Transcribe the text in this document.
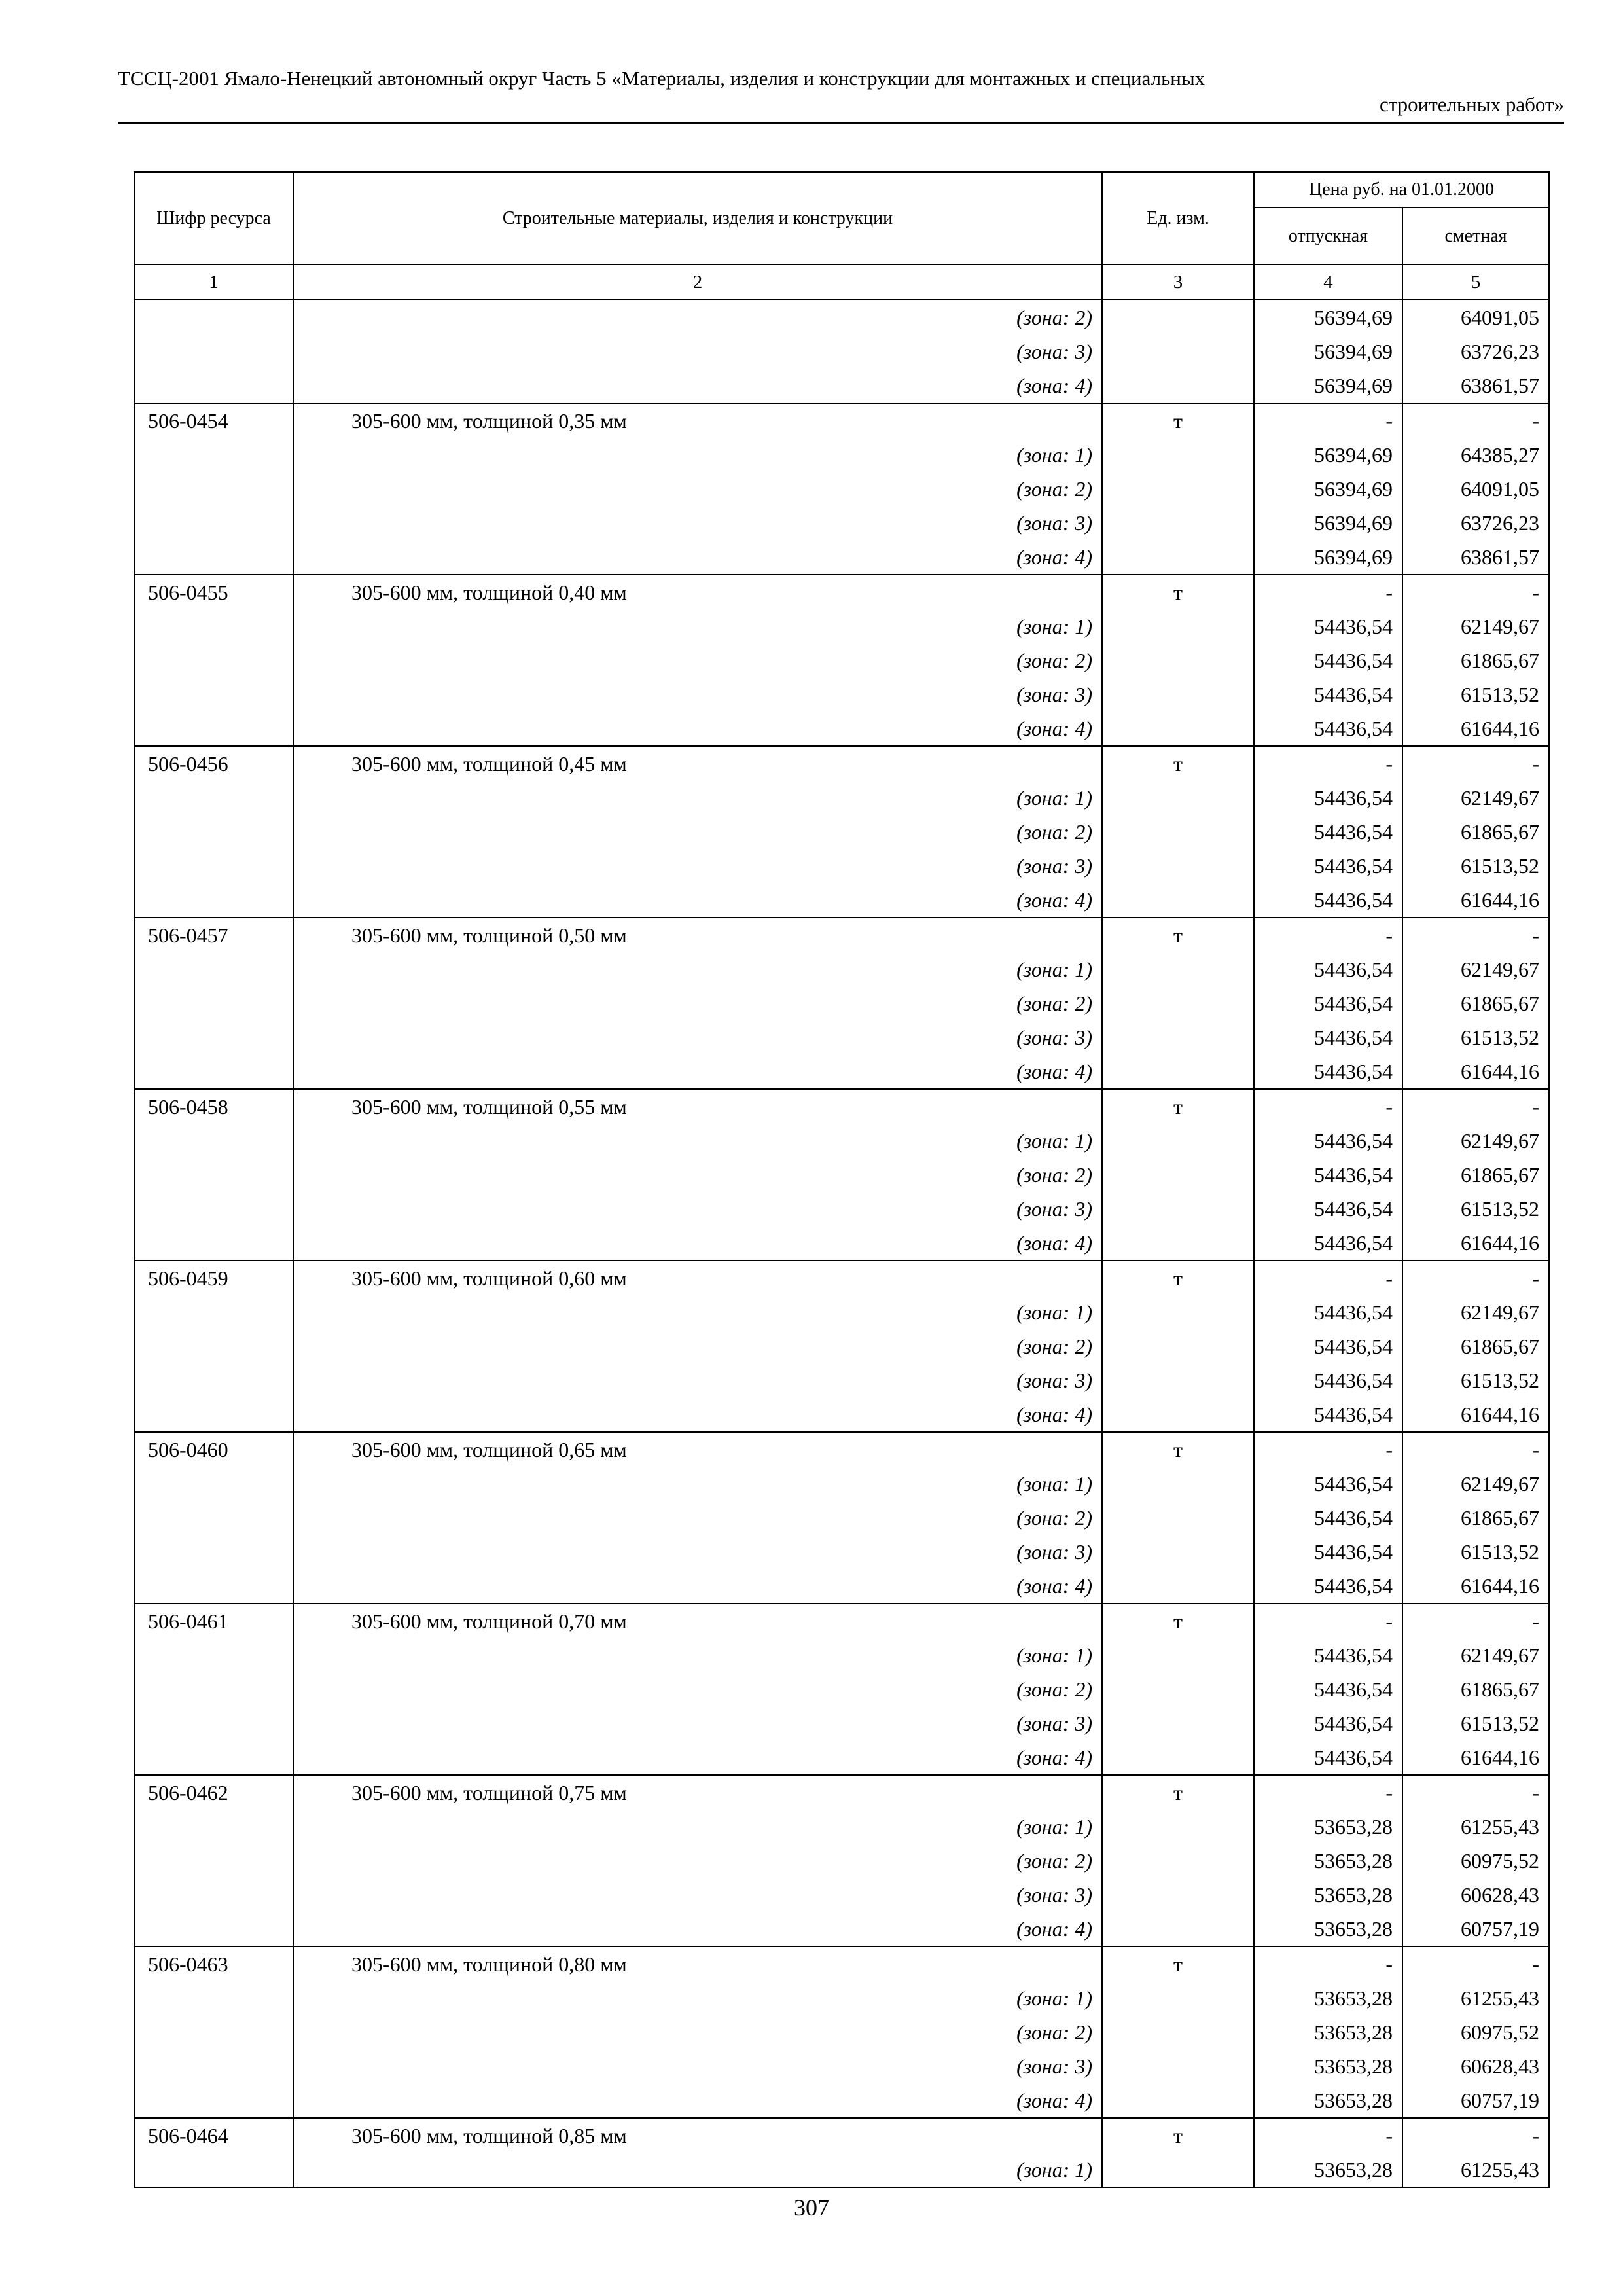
ТССЦ-2001 Ямало-Ненецкий автономный округ Часть 5 «Материалы, изделия и конструкции для монтажных и специальных
строительных работ»
Шифр ресурса	Строительные материалы, изделия и конструкции	Ед. изм.	Цена руб. на 01.01.2000	
			отпускная	сметная
1	2	3	4	5
	(зона: 2)		56394,69	64091,05
	(зона: 3)		56394,69	63726,23
	(зона: 4)		56394,69	63861,57
506-0454	305-600 мм, толщиной 0,35 мм	т	-	-
	(зона: 1)		56394,69	64385,27
	(зона: 2)		56394,69	64091,05
	(зона: 3)		56394,69	63726,23
	(зона: 4)		56394,69	63861,57
506-0455	305-600 мм, толщиной 0,40 мм	т	-	-
	(зона: 1)		54436,54	62149,67
	(зона: 2)		54436,54	61865,67
	(зона: 3)		54436,54	61513,52
	(зона: 4)		54436,54	61644,16
506-0456	305-600 мм, толщиной 0,45 мм	т	-	-
	(зона: 1)		54436,54	62149,67
	(зона: 2)		54436,54	61865,67
	(зона: 3)		54436,54	61513,52
	(зона: 4)		54436,54	61644,16
506-0457	305-600 мм, толщиной 0,50 мм	т	-	-
	(зона: 1)		54436,54	62149,67
	(зона: 2)		54436,54	61865,67
	(зона: 3)		54436,54	61513,52
	(зона: 4)		54436,54	61644,16
506-0458	305-600 мм, толщиной 0,55 мм	т	-	-
	(зона: 1)		54436,54	62149,67
	(зона: 2)		54436,54	61865,67
	(зона: 3)		54436,54	61513,52
	(зона: 4)		54436,54	61644,16
506-0459	305-600 мм, толщиной 0,60 мм	т	-	-
	(зона: 1)		54436,54	62149,67
	(зона: 2)		54436,54	61865,67
	(зона: 3)		54436,54	61513,52
	(зона: 4)		54436,54	61644,16
506-0460	305-600 мм, толщиной 0,65 мм	т	-	-
	(зона: 1)		54436,54	62149,67
	(зона: 2)		54436,54	61865,67
	(зона: 3)		54436,54	61513,52
	(зона: 4)		54436,54	61644,16
506-0461	305-600 мм, толщиной 0,70 мм	т	-	-
	(зона: 1)		54436,54	62149,67
	(зона: 2)		54436,54	61865,67
	(зона: 3)		54436,54	61513,52
	(зона: 4)		54436,54	61644,16
506-0462	305-600 мм, толщиной 0,75 мм	т	-	-
	(зона: 1)		53653,28	61255,43
	(зона: 2)		53653,28	60975,52
	(зона: 3)		53653,28	60628,43
	(зона: 4)		53653,28	60757,19
506-0463	305-600 мм, толщиной 0,80 мм	т	-	-
	(зона: 1)		53653,28	61255,43
	(зона: 2)		53653,28	60975,52
	(зона: 3)		53653,28	60628,43
	(зона: 4)		53653,28	60757,19
506-0464	305-600 мм, толщиной 0,85 мм	т	-	-
	(зона: 1)		53653,28	61255,43
307
